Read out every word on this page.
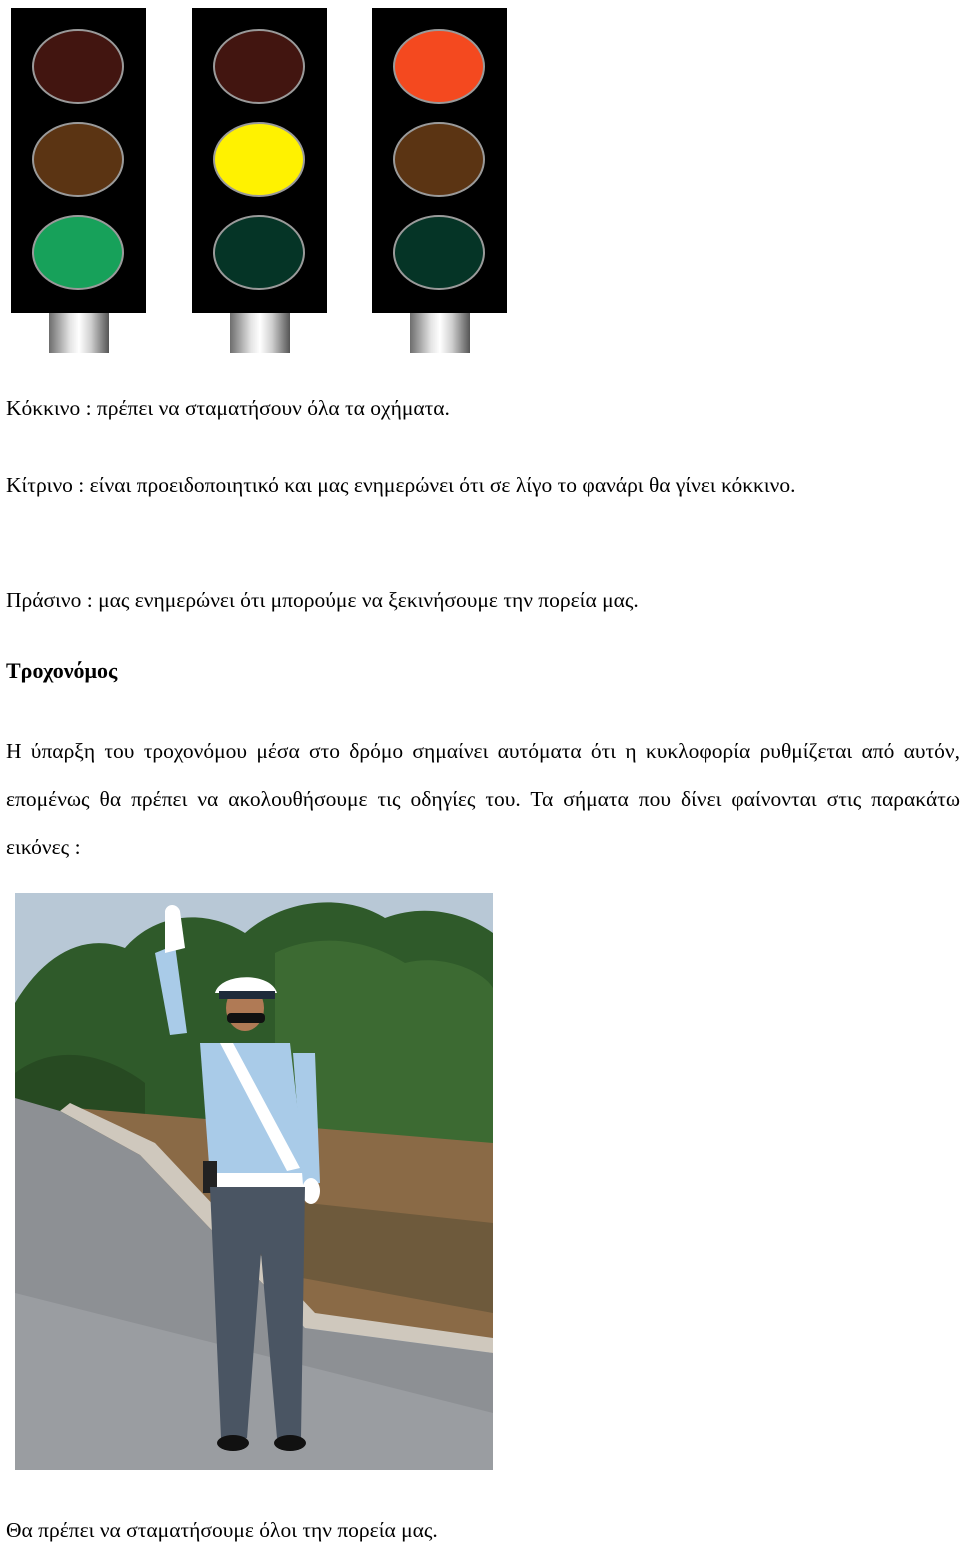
Κόκκινο : πρέπει να σταματήσουν όλα τα οχήματα.

Κίτρινο : είναι προειδοποιητικό και μας ενημερώνει ότι σε λίγο το φανάρι θα γίνει κόκκινο.

Πράσινο : μας ενημερώνει ότι μπορούμε να ξεκινήσουμε την πορεία μας.

Τροχονόμος

Η ύπαρξη του τροχονόμου μέσα στο δρόμο σημαίνει αυτόματα ότι η κυκλοφορία ρυθμίζεται από αυτόν, επομένως θα πρέπει να ακολουθήσουμε τις οδηγίες του. Τα σήματα που δίνει φαίνονται στις παρακάτω εικόνες :

Θα πρέπει να σταματήσουμε όλοι την πορεία μας.
